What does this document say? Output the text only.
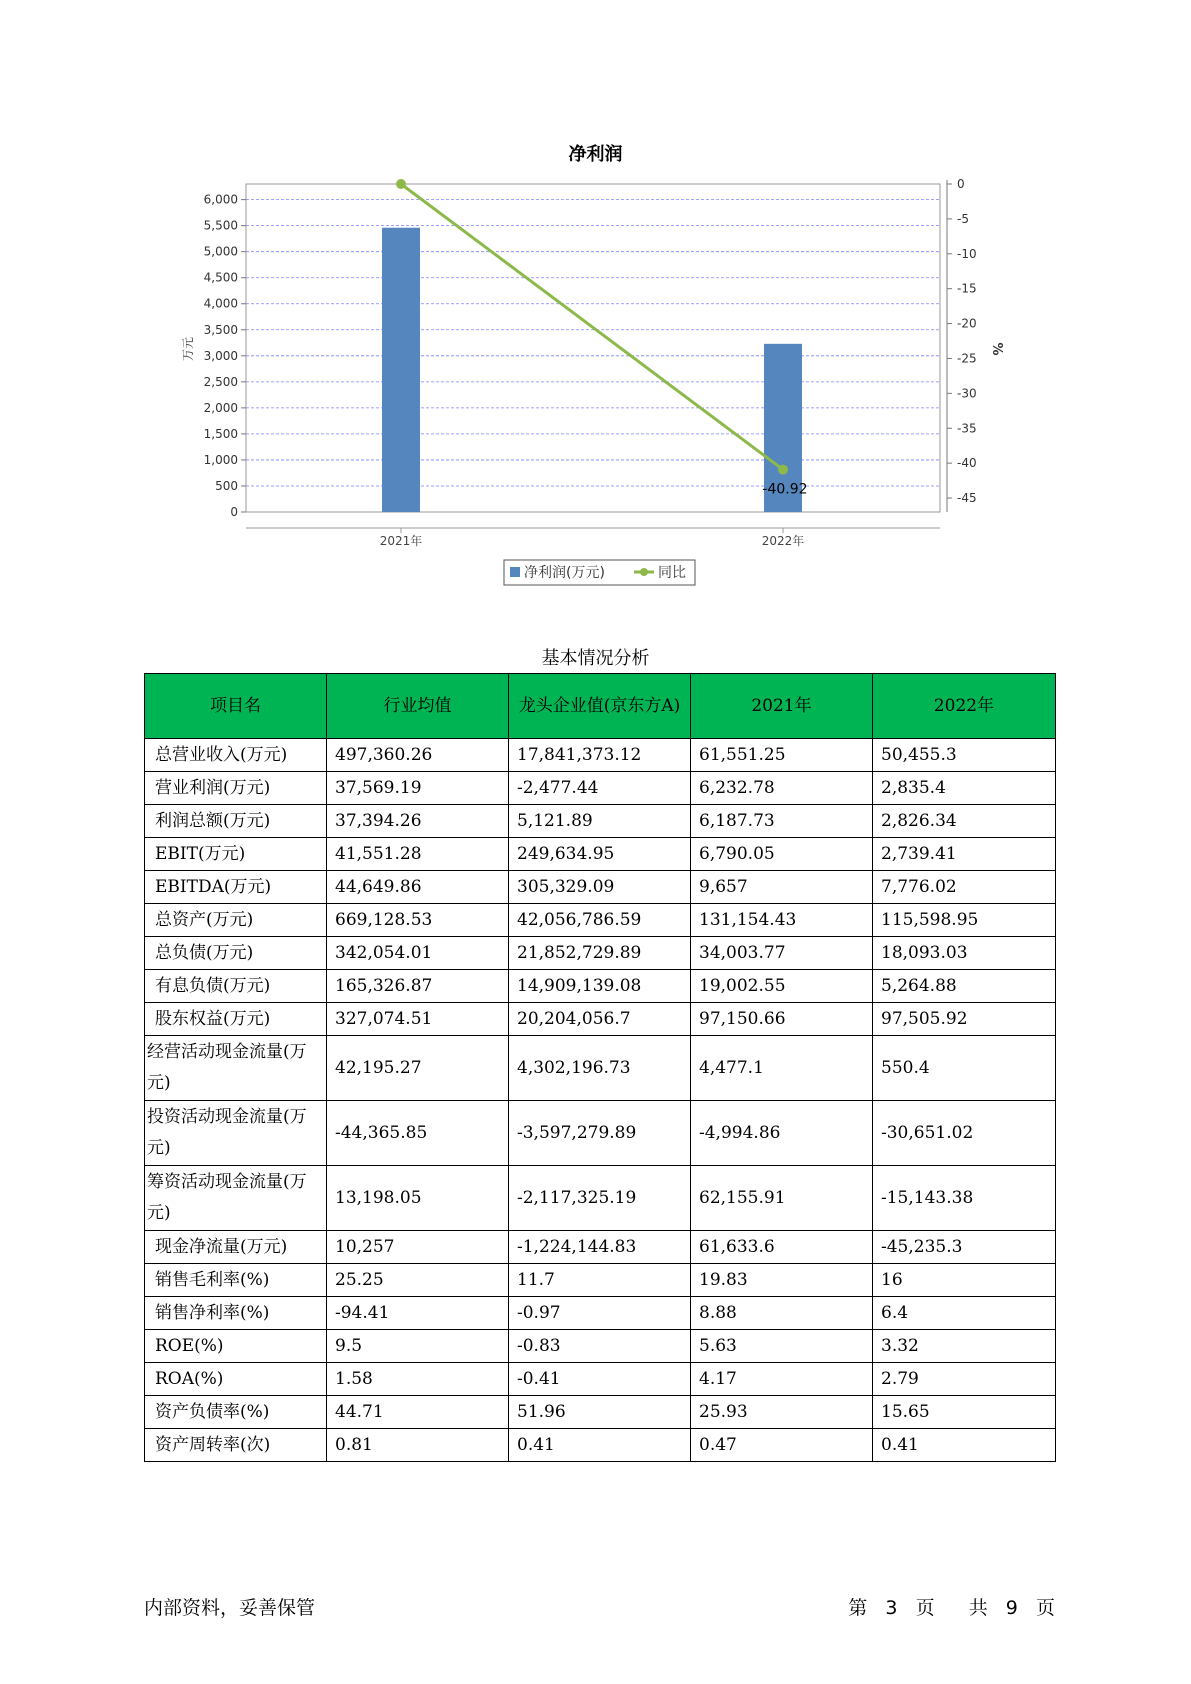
净利润
0
500
1,000
1,500
2,000
2,500
3,000
3,500
4,000
4,500
5,000
5,500
6,000
0
-5
-10
-15
-20
-25
-30
-35
-40
-45
2021年	2022年
万元	%
-40.92
净利润(万元)	同比
基本情况分析
项目名	行业均值	龙头企业值(京东方A)	2021年	2022年
总营业收入(万元)	497,360.26	17,841,373.12	61,551.25	50,455.3
营业利润(万元)	37,569.19	-2,477.44	6,232.78	2,835.4
利润总额(万元)	37,394.26	5,121.89	6,187.73	2,826.34
EBIT(万元)	41,551.28	249,634.95	6,790.05	2,739.41
EBITDA(万元)	44,649.86	305,329.09	9,657	7,776.02
总资产(万元)	669,128.53	42,056,786.59	131,154.43	115,598.95
总负债(万元)	342,054.01	21,852,729.89	34,003.77	18,093.03
有息负债(万元)	165,326.87	14,909,139.08	19,002.55	5,264.88
股东权益(万元)	327,074.51	20,204,056.7	97,150.66	97,505.92
经营活动现金流量(万元)	42,195.27	4,302,196.73	4,477.1	550.4
投资活动现金流量(万元)	-44,365.85	-3,597,279.89	-4,994.86	-30,651.02
筹资活动现金流量(万元)	13,198.05	-2,117,325.19	62,155.91	-15,143.38
现金净流量(万元)	10,257	-1,224,144.83	61,633.6	-45,235.3
销售毛利率(%)	25.25	11.7	19.83	16
销售净利率(%)	-94.41	-0.97	8.88	6.4
ROE(%)	9.5	-0.83	5.63	3.32
ROA(%)	1.58	-0.41	4.17	2.79
资产负债率(%)	44.71	51.96	25.93	15.65
资产周转率(次)	0.81	0.41	0.47	0.41
内部资料，妥善保管	第 3 页 共 9 页
